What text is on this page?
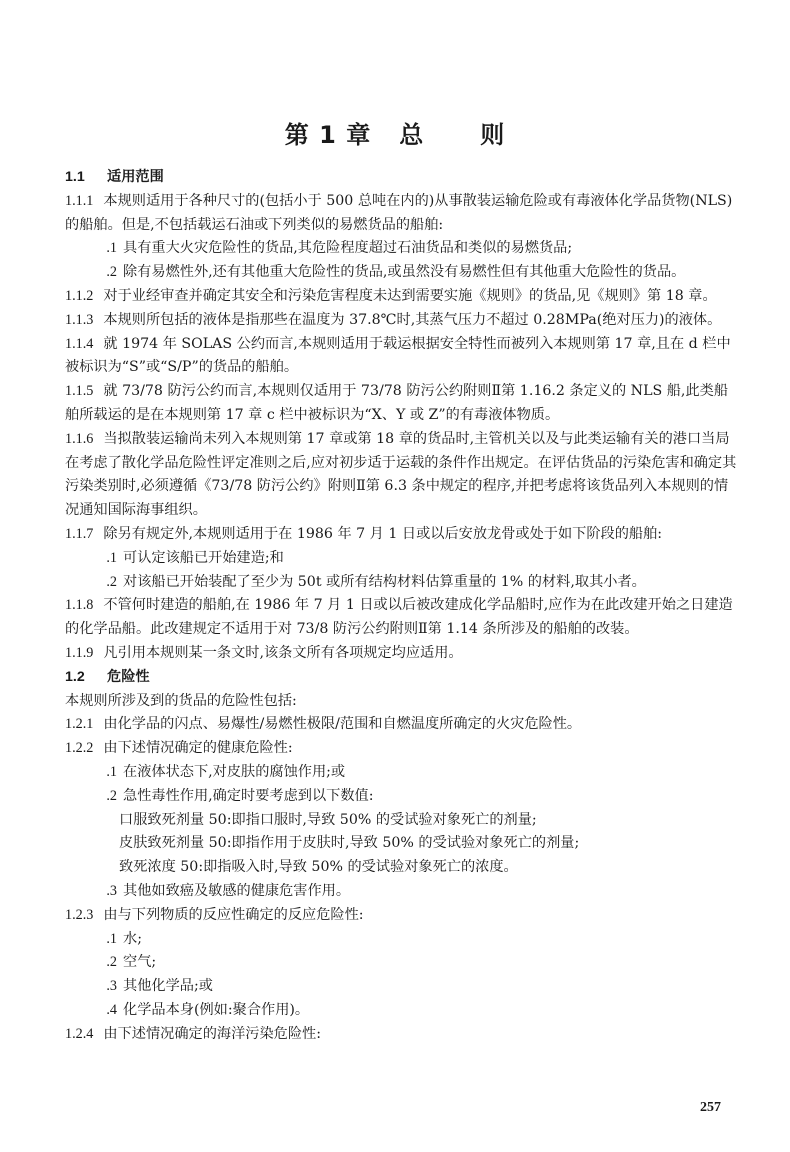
第 1 章 总 则

1.1 适用范围

1.1.1 本规则适用于各种尺寸的(包括小于 500 总吨在内的)从事散装运输危险或有毒液体化学品货物(NLS)的船舶。但是,不包括载运石油或下列类似的易燃货品的船舶:

.1 具有重大火灾危险性的货品,其危险程度超过石油货品和类似的易燃货品;

.2 除有易燃性外,还有其他重大危险性的货品,或虽然没有易燃性但有其他重大危险性的货品。

1.1.2 对于业经审查并确定其安全和污染危害程度未达到需要实施《规则》的货品,见《规则》第 18 章。

1.1.3 本规则所包括的液体是指那些在温度为 37.8℃时,其蒸气压力不超过 0.28MPa(绝对压力)的液体。

1.1.4 就 1974 年 SOLAS 公约而言,本规则适用于载运根据安全特性而被列入本规则第 17 章,且在 d 栏中被标识为“S”或“S/P”的货品的船舶。

1.1.5 就 73/78 防污公约而言,本规则仅适用于 73/78 防污公约附则Ⅱ第 1.16.2 条定义的 NLS 船,此类船舶所载运的是在本规则第 17 章 c 栏中被标识为“X、Y 或 Z”的有毒液体物质。

1.1.6 当拟散装运输尚未列入本规则第 17 章或第 18 章的货品时,主管机关以及与此类运输有关的港口当局在考虑了散化学品危险性评定准则之后,应对初步适于运载的条件作出规定。在评估货品的污染危害和确定其污染类别时,必须遵循《73/78 防污公约》附则Ⅱ第 6.3 条中规定的程序,并把考虑将该货品列入本规则的情况通知国际海事组织。

1.1.7 除另有规定外,本规则适用于在 1986 年 7 月 1 日或以后安放龙骨或处于如下阶段的船舶:

.1 可认定该船已开始建造;和

.2 对该船已开始装配了至少为 50t 或所有结构材料估算重量的 1% 的材料,取其小者。

1.1.8 不管何时建造的船舶,在 1986 年 7 月 1 日或以后被改建成化学品船时,应作为在此改建开始之日建造的化学品船。此改建规定不适用于对 73/8 防污公约附则Ⅱ第 1.14 条所涉及的船舶的改装。

1.1.9 凡引用本规则某一条文时,该条文所有各项规定均应适用。

1.2 危险性

本规则所涉及到的货品的危险性包括:

1.2.1 由化学品的闪点、易爆性/易燃性极限/范围和自燃温度所确定的火灾危险性。

1.2.2 由下述情况确定的健康危险性:

.1 在液体状态下,对皮肤的腐蚀作用;或

.2 急性毒性作用,确定时要考虑到以下数值:

口服致死剂量 50:即指口服时,导致 50% 的受试验对象死亡的剂量;

皮肤致死剂量 50:即指作用于皮肤时,导致 50% 的受试验对象死亡的剂量;

致死浓度 50:即指吸入时,导致 50% 的受试验对象死亡的浓度。

.3 其他如致癌及敏感的健康危害作用。

1.2.3 由与下列物质的反应性确定的反应危险性:

.1 水;

.2 空气;

.3 其他化学品;或

.4 化学品本身(例如:聚合作用)。

1.2.4 由下述情况确定的海洋污染危险性:

257
